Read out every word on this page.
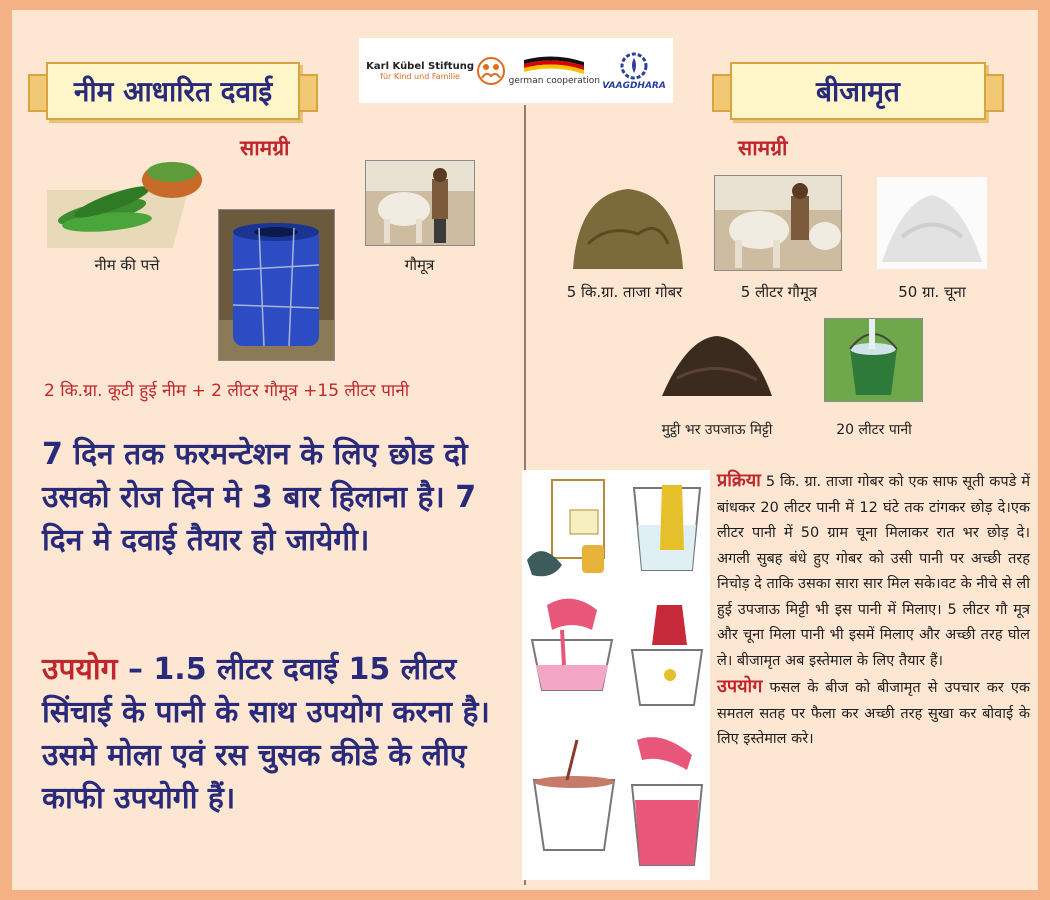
Karl Kübel Stiftung
für Kind und Familie	german cooperation VAAGDHARA
नीम आधारित दवाई
सामग्री
नीम की पत्ते	गौमूत्र
2 कि.ग्रा. कूटी हुई नीम + 2 लीटर गौमूत्र +15 लीटर पानी
7 दिन तक फरमन्टेशन के लिए छोड दो उसको रोज दिन मे 3 बार हिलाना है। 7 दिन मे दवाई तैयार हो जायेगी।
उपयोग – 1.5 लीटर दवाई 15 लीटर सिंचाई के पानी के साथ उपयोग करना है। उसमे मोला एवं रस चुसक कीडे के लीए काफी उपयोगी हैं।
बीजामृत
सामग्री
5 कि.ग्रा. ताजा गोबर	5 लीटर गौमूत्र	50 ग्रा. चूना
मुट्ठी भर उपजाऊ मिट्टी	20 लीटर पानी
प्रक्रिया 5 कि. ग्रा. ताजा गोबर को एक साफ सूती कपडे में बांधकर 20 लीटर पानी में 12 घंटे तक टांगकर छोड़ दे।एक लीटर पानी में 50 ग्राम चूना मिलाकर रात भर छोड़ दे। अगली सुबह बंधे हुए गोबर को उसी पानी पर अच्छी तरह निचोड़ दे ताकि उसका सारा सार मिल सके।वट के नीचे से ली हुई उपजाऊ मिट्टी भी इस पानी में मिलाए। 5 लीटर गौ मूत्र और चूना मिला पानी भी इसमें मिलाए और अच्छी तरह घोल ले। बीजामृत अब इस्तेमाल के लिए तैयार हैं।
उपयोग फसल के बीज को बीजामृत से उपचार कर एक समतल सतह पर फैला कर अच्छी तरह सुखा कर बोवाई के लिए इस्तेमाल करे।
